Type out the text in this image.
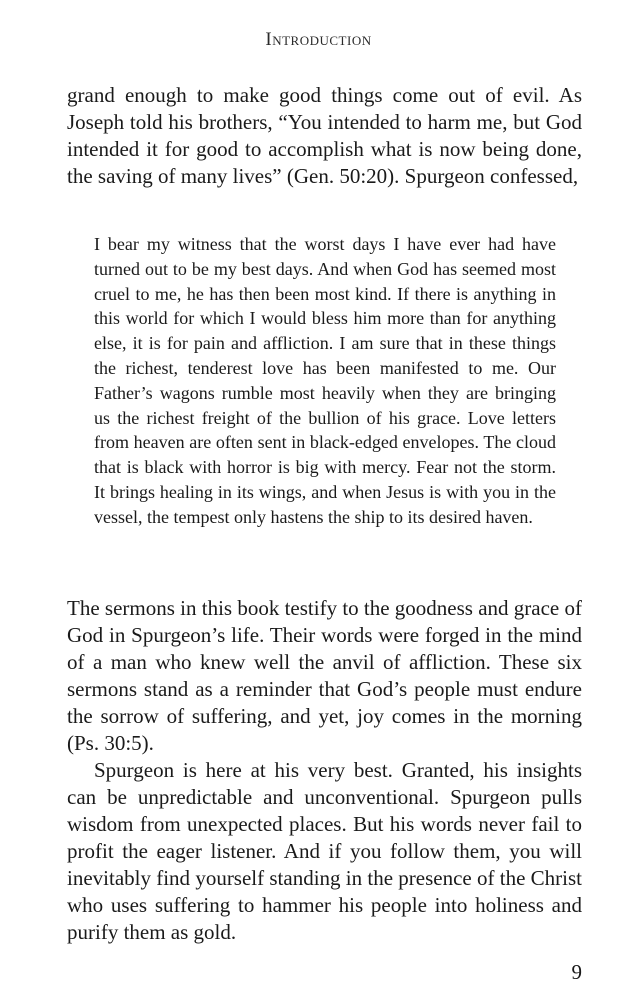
Introduction
grand enough to make good things come out of evil. As Joseph told his brothers, “You intended to harm me, but God intended it for good to accomplish what is now being done, the saving of many lives” (Gen. 50:20). Spurgeon confessed,
I bear my witness that the worst days I have ever had have turned out to be my best days. And when God has seemed most cruel to me, he has then been most kind. If there is anything in this world for which I would bless him more than for anything else, it is for pain and affliction. I am sure that in these things the richest, tenderest love has been manifested to me. Our Father’s wagons rumble most heavily when they are bringing us the richest freight of the bullion of his grace. Love letters from heaven are often sent in black-edged envelopes. The cloud that is black with horror is big with mercy. Fear not the storm. It brings healing in its wings, and when Jesus is with you in the vessel, the tempest only hastens the ship to its desired haven.

The sermons in this book testify to the goodness and grace of God in Spurgeon’s life. Their words were forged in the mind of a man who knew well the anvil of affliction. These six sermons stand as a reminder that God’s people must endure the sorrow of suffering, and yet, joy comes in the morning (Ps. 30:5).

Spurgeon is here at his very best. Granted, his insights can be unpredictable and unconventional. Spurgeon pulls wisdom from unexpected places. But his words never fail to profit the eager listener. And if you follow them, you will inevitably find yourself standing in the presence of the Christ who uses suffering to hammer his people into holiness and purify them as gold.

9
